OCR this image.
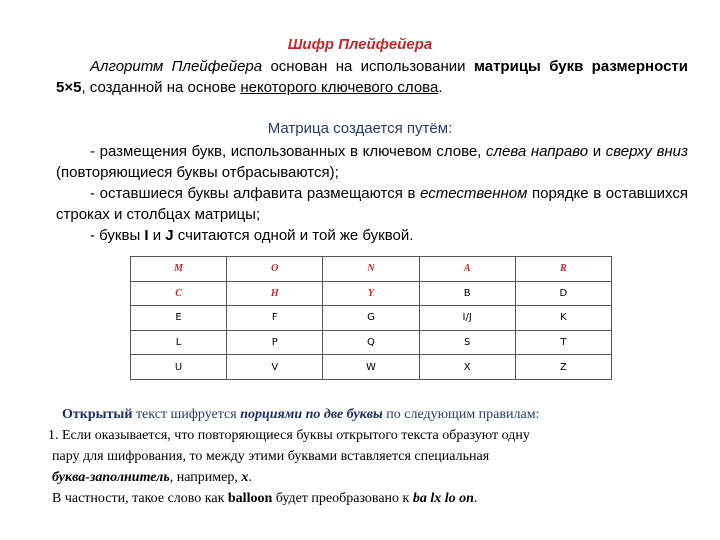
Шифр Плейфейера

Алгоритм Плейфейера основан на использовании матрицы букв размерности 5×5, созданной на основе некоторого ключевого слова.

Матрица создается путём:

- размещения букв, использованных в ключевом слове, слева направо и сверху вниз (повторяющиеся буквы отбрасываются);

- оставшиеся буквы алфавита размещаются в естественном порядке в оставшихся строках и столбцах матрицы;

- буквы I и J считаются одной и той же буквой.

M	O	N	A	R
C	H	Y	B	D
E	F	G	I/J	K
L	P	Q	S	T
U	V	W	X	Z
Открытый текст шифруется порциями по две буквы по следующим правилам:
1. Если оказывается, что повторяющиеся буквы открытого текста образуют одну
пару для шифрования, то между этими буквами вставляется специальная
буква-заполнитель, например, x.
В частности, такое слово как balloon будет преобразовано к ba lx lo on.
